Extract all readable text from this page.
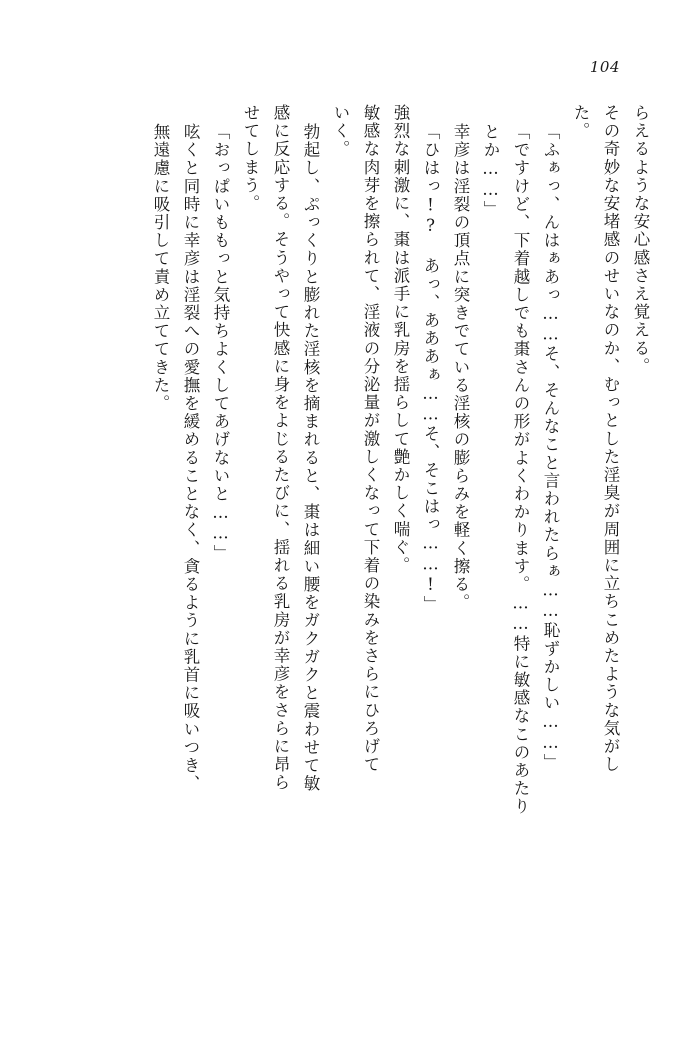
104
らえるような安心感さえ覚える。
その奇妙な安堵感のせいなのか、むっとした淫臭が周囲に立ちこめたような気がし
た。
「ふぁっ、んはぁあっ……そ、そんなこと言われたらぁ……恥ずかしい……」
「ですけど、下着越しでも棗さんの形がよくわかります。……特に敏感なこのあたり
とか……」
幸彦は淫裂の頂点に突きでている淫核の膨らみを軽く擦る。
「ひはっ!? あっ、あああぁ……そ、そこはっ……!」
強烈な刺激に、棗は派手に乳房を揺らして艶かしく喘ぐ。
敏感な肉芽を擦られて、淫液の分泌量が激しくなって下着の染みをさらにひろげて
いく。
勃起し、ぷっくりと膨れた淫核を摘まれると、棗は細い腰をガクガクと震わせて敏
感に反応する。そうやって快感に身をよじるたびに、揺れる乳房が幸彦をさらに昂ら
せてしまう。
「おっぱいももっと気持ちよくしてあげないと……」
呟くと同時に幸彦は淫裂への愛撫を緩めることなく、貪るように乳首に吸いつき、
無遠慮に吸引して責め立ててきた。
